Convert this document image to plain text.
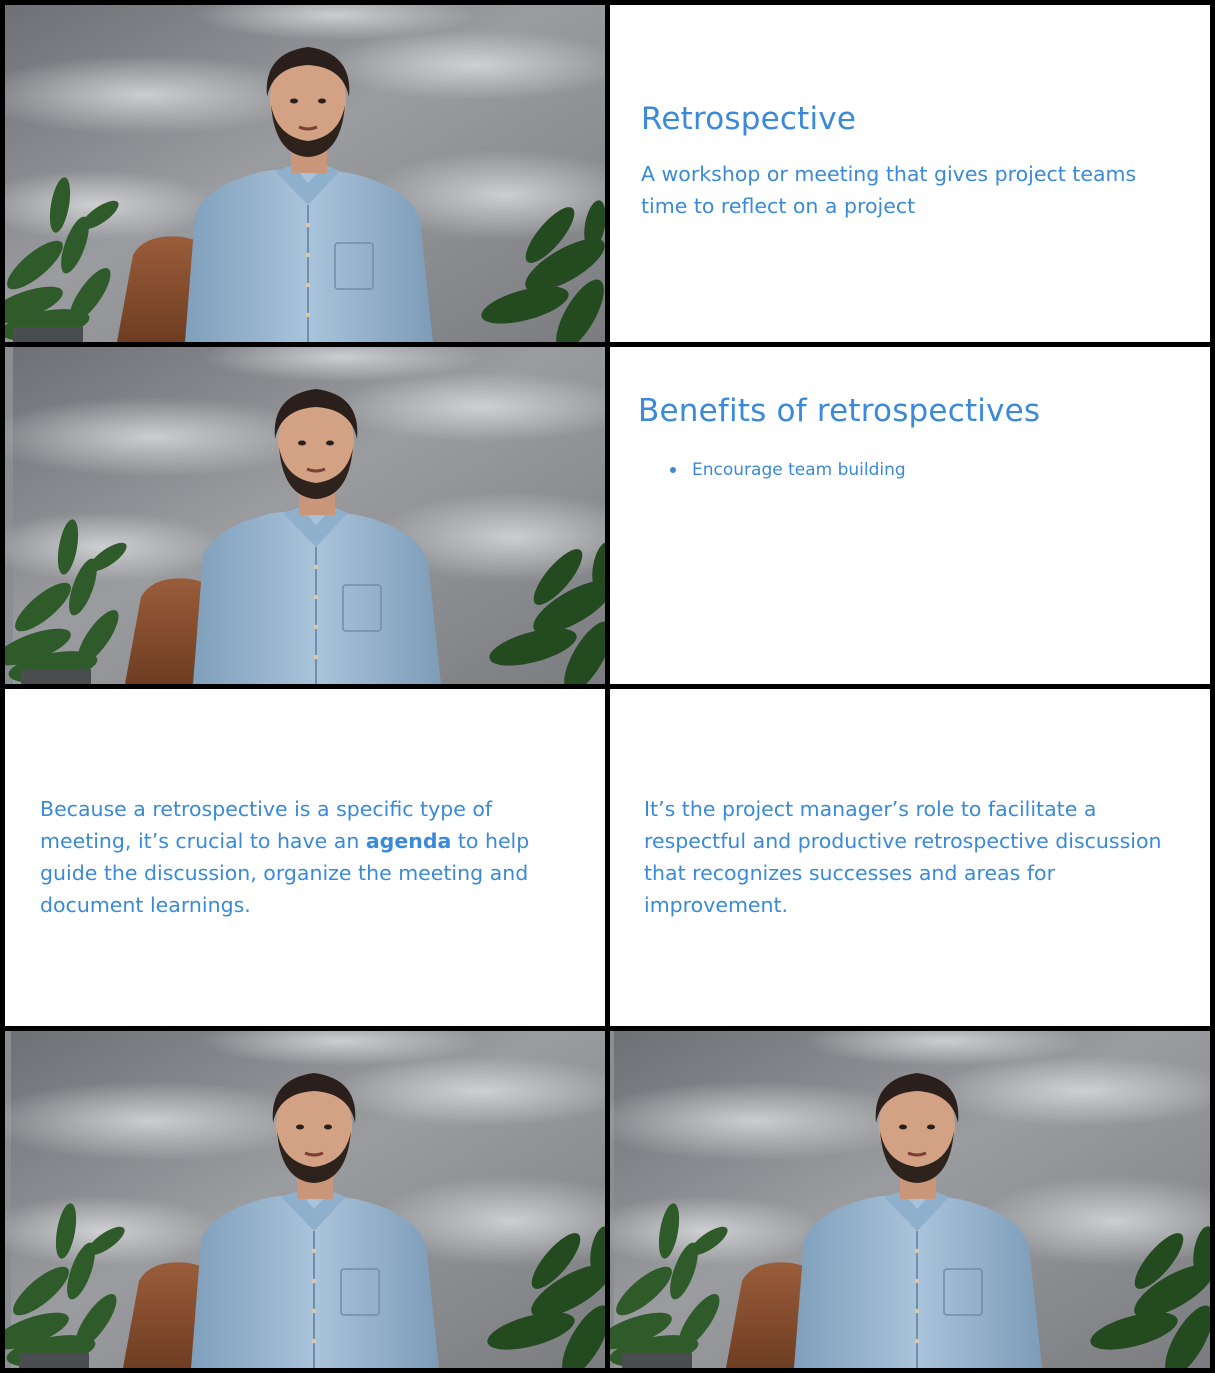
Retrospective
A workshop or meeting that gives project teams
time to reflect on a project
Benefits of retrospectives
Encourage team building
Because a retrospective is a specific type of
meeting, it’s crucial to have an agenda to help
guide the discussion, organize the meeting and
document learnings.
It’s the project manager’s role to facilitate a
respectful and productive retrospective discussion
that recognizes successes and areas for
improvement.
